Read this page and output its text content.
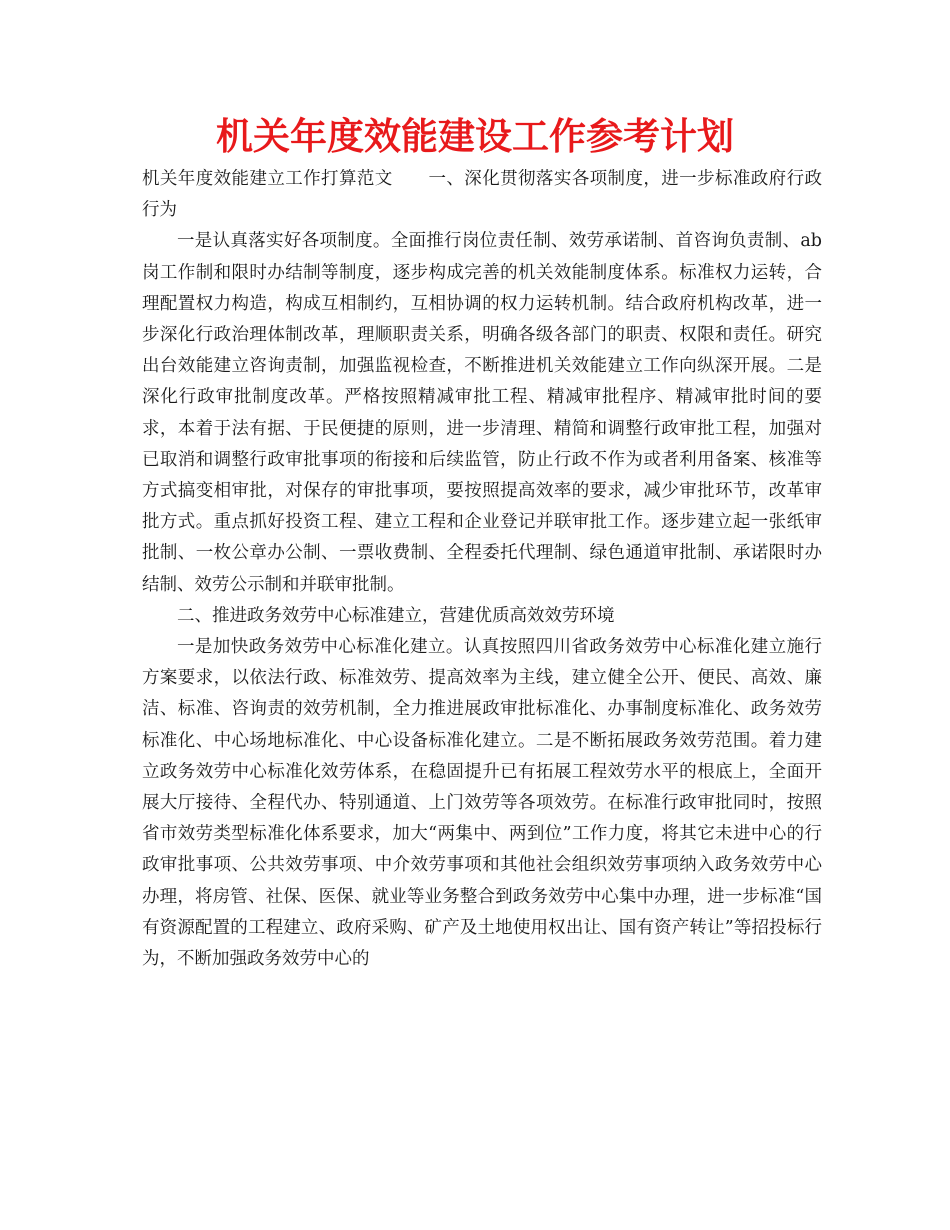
机关年度效能建设工作参考计划

机关年度效能建立工作打算范文　　一、深化贯彻落实各项制度，进一步标准政府行政行为

一是认真落实好各项制度。全面推行岗位责任制、效劳承诺制、首咨询负责制、ab岗工作制和限时办结制等制度，逐步构成完善的机关效能制度体系。标准权力运转，合理配置权力构造，构成互相制约，互相协调的权力运转机制。结合政府机构改革，进一步深化行政治理体制改革，理顺职责关系，明确各级各部门的职责、权限和责任。研究出台效能建立咨询责制，加强监视检查，不断推进机关效能建立工作向纵深开展。二是深化行政审批制度改革。严格按照精减审批工程、精减审批程序、精减审批时间的要求，本着于法有据、于民便捷的原则，进一步清理、精简和调整行政审批工程，加强对已取消和调整行政审批事项的衔接和后续监管，防止行政不作为或者利用备案、核准等方式搞变相审批，对保存的审批事项，要按照提高效率的要求，减少审批环节，改革审批方式。重点抓好投资工程、建立工程和企业登记并联审批工作。逐步建立起一张纸审批制、一枚公章办公制、一票收费制、全程委托代理制、绿色通道审批制、承诺限时办结制、效劳公示制和并联审批制。

二、推进政务效劳中心标准建立，营建优质高效效劳环境

一是加快政务效劳中心标准化建立。认真按照四川省政务效劳中心标准化建立施行方案要求，以依法行政、标准效劳、提高效率为主线，建立健全公开、便民、高效、廉洁、标准、咨询责的效劳机制，全力推进展政审批标准化、办事制度标准化、政务效劳标准化、中心场地标准化、中心设备标准化建立。二是不断拓展政务效劳范围。着力建立政务效劳中心标准化效劳体系，在稳固提升已有拓展工程效劳水平的根底上，全面开展大厅接待、全程代办、特别通道、上门效劳等各项效劳。在标准行政审批同时，按照省市效劳类型标准化体系要求，加大“两集中、两到位”工作力度，将其它未进中心的行政审批事项、公共效劳事项、中介效劳事项和其他社会组织效劳事项纳入政务效劳中心办理，将房管、社保、医保、就业等业务整合到政务效劳中心集中办理，进一步标准“国有资源配置的工程建立、政府采购、矿产及土地使用权出让、国有资产转让”等招投标行为，不断加强政务效劳中心的
